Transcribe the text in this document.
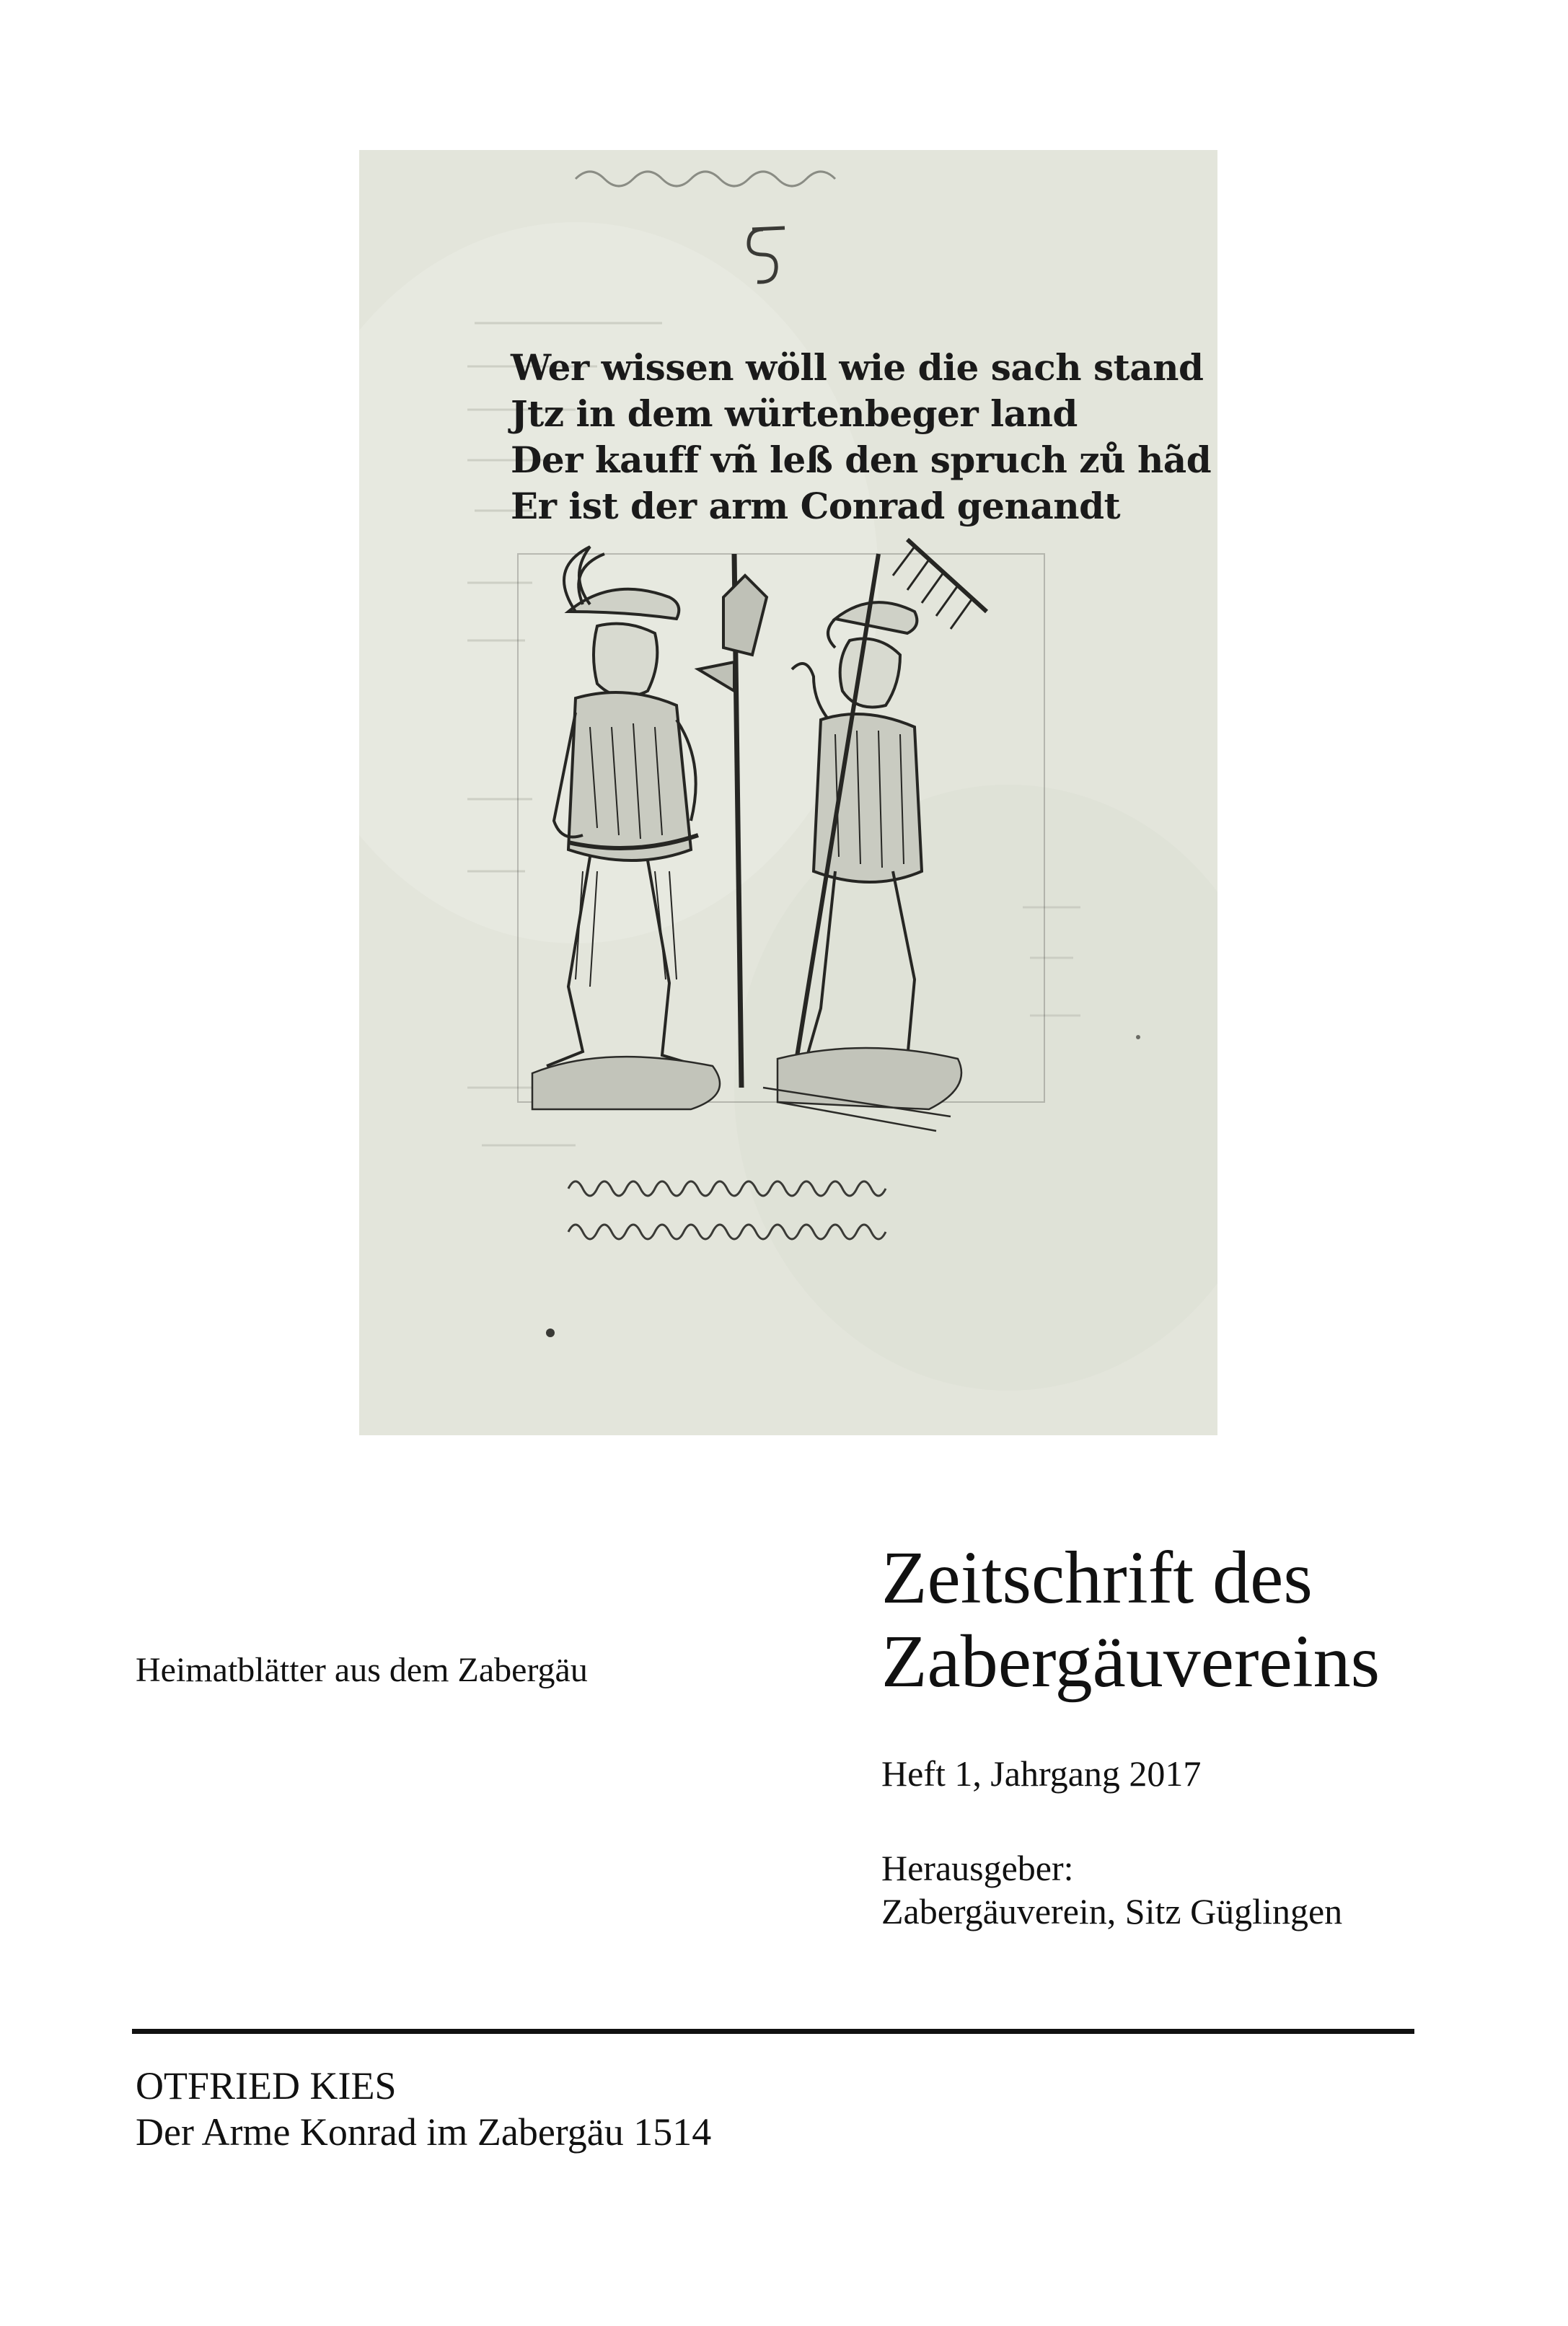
Wer wissen wöll wie die sach stand
Jtz in dem würtenbeger land
Der kauff vñ leß den spruch zů hãd
Er ist der arm Conrad genandt

Heimatblätter aus dem Zabergäu
Zeitschrift des
Zabergäuvereins
Heft 1, Jahrgang 2017
Herausgeber:
Zabergäuverein, Sitz Güglingen
OTFRIED KIES
Der Arme Konrad im Zabergäu 1514
